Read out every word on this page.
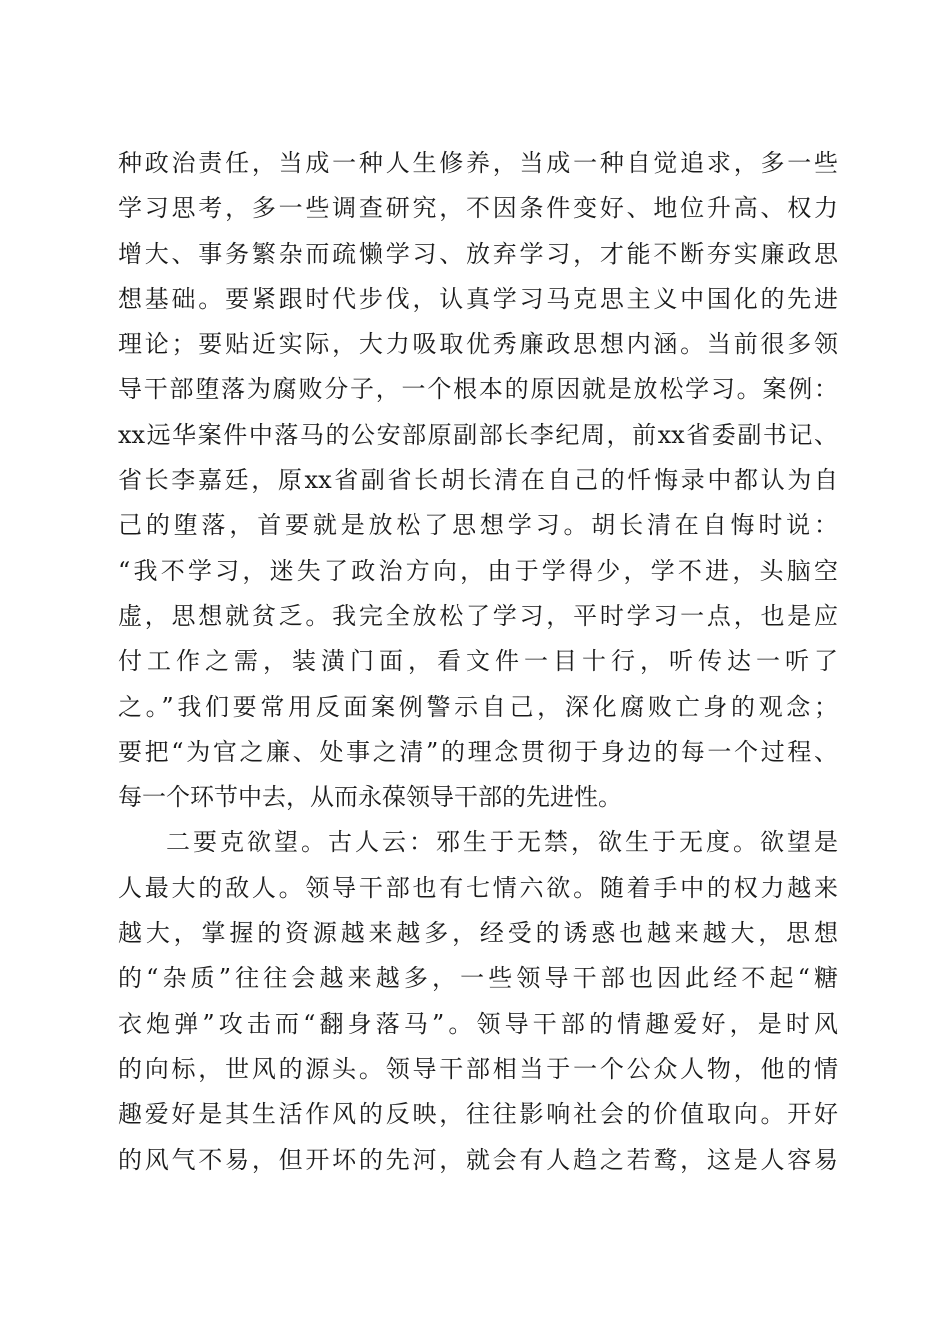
种政治责任，当成一种人生修养，当成一种自觉追求，多一些
学习思考，多一些调查研究，不因条件变好、地位升高、权力
增大、事务繁杂而疏懒学习、放弃学习，才能不断夯实廉政思
想基础。要紧跟时代步伐，认真学习马克思主义中国化的先进
理论；要贴近实际，大力吸取优秀廉政思想内涵。当前很多领
导干部堕落为腐败分子，一个根本的原因就是放松学习。案例：
xx远华案件中落马的公安部原副部长李纪周，前xx省委副书记、
省长李嘉廷，原xx省副省长胡长清在自己的忏悔录中都认为自
己的堕落，首要就是放松了思想学习。胡长清在自悔时说：
“我不学习，迷失了政治方向，由于学得少，学不进，头脑空
虚，思想就贫乏。我完全放松了学习，平时学习一点，也是应
付工作之需，装潢门面，看文件一目十行，听传达一听了
之。”我们要常用反面案例警示自己，深化腐败亡身的观念；
要把“为官之廉、处事之清”的理念贯彻于身边的每一个过程、
每一个环节中去，从而永葆领导干部的先进性。
二要克欲望。古人云：邪生于无禁，欲生于无度。欲望是
人最大的敌人。领导干部也有七情六欲。随着手中的权力越来
越大，掌握的资源越来越多，经受的诱惑也越来越大，思想
的“杂质”往往会越来越多，一些领导干部也因此经不起“糖
衣炮弹”攻击而“翻身落马”。领导干部的情趣爱好，是时风
的向标，世风的源头。领导干部相当于一个公众人物，他的情
趣爱好是其生活作风的反映，往往影响社会的价值取向。开好
的风气不易，但开坏的先河，就会有人趋之若鹜，这是人容易
